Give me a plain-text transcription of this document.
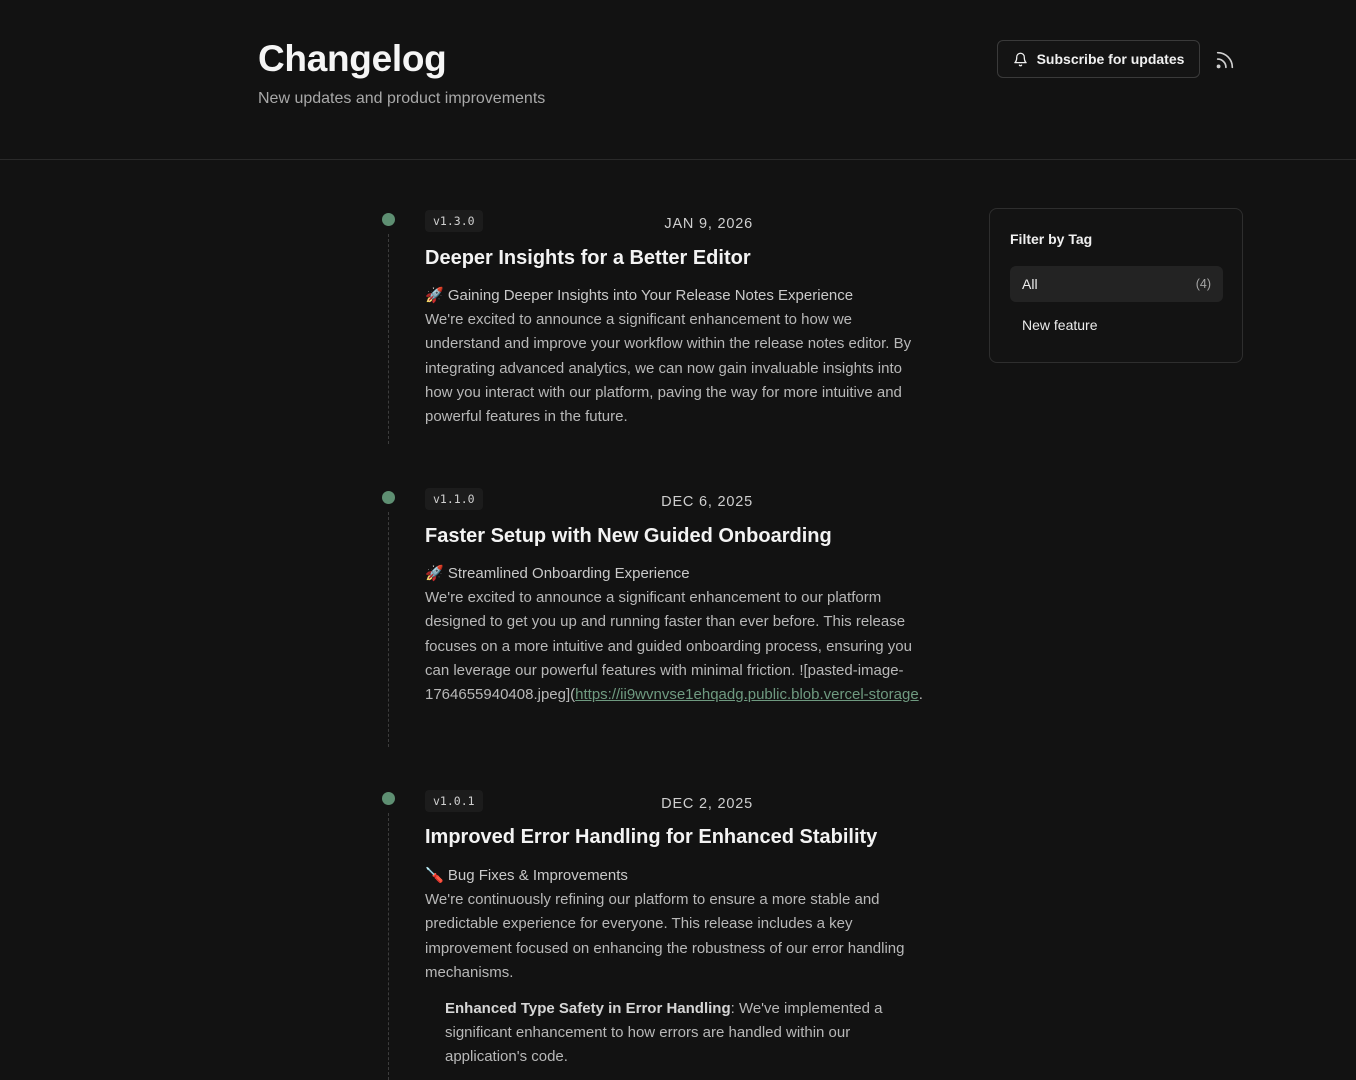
Changelog
New updates and product improvements
Subscribe for updates
JAN 9, 2026
v1.3.0
Deeper Insights for a Better Editor
🚀 Gaining Deeper Insights into Your Release Notes Experience
We're excited to announce a significant enhancement to how we understand and improve your workflow within the release notes editor. By integrating advanced analytics, we can now gain invaluable insights into how you interact with our platform, paving the way for more intuitive and powerful features in the future.
DEC 6, 2025
v1.1.0
Faster Setup with New Guided Onboarding
🚀 Streamlined Onboarding Experience
We're excited to announce a significant enhancement to our platform designed to get you up and running faster than ever before. This release focuses on a more intuitive and guided onboarding process, ensuring you can leverage our powerful features with minimal friction. ![pasted-image-1764655940408.jpeg](https://ii9wvnvse1ehqadg.public.blob.vercel-storage.
DEC 2, 2025
v1.0.1
Improved Error Handling for Enhanced Stability
🪛 Bug Fixes & Improvements
We're continuously refining our platform to ensure a more stable and predictable experience for everyone. This release includes a key improvement focused on enhancing the robustness of our error handling mechanisms.
Enhanced Type Safety in Error Handling: We've implemented a significant enhancement to how errors are handled within our application's code.
Filter by Tag
All	(4)
New feature
